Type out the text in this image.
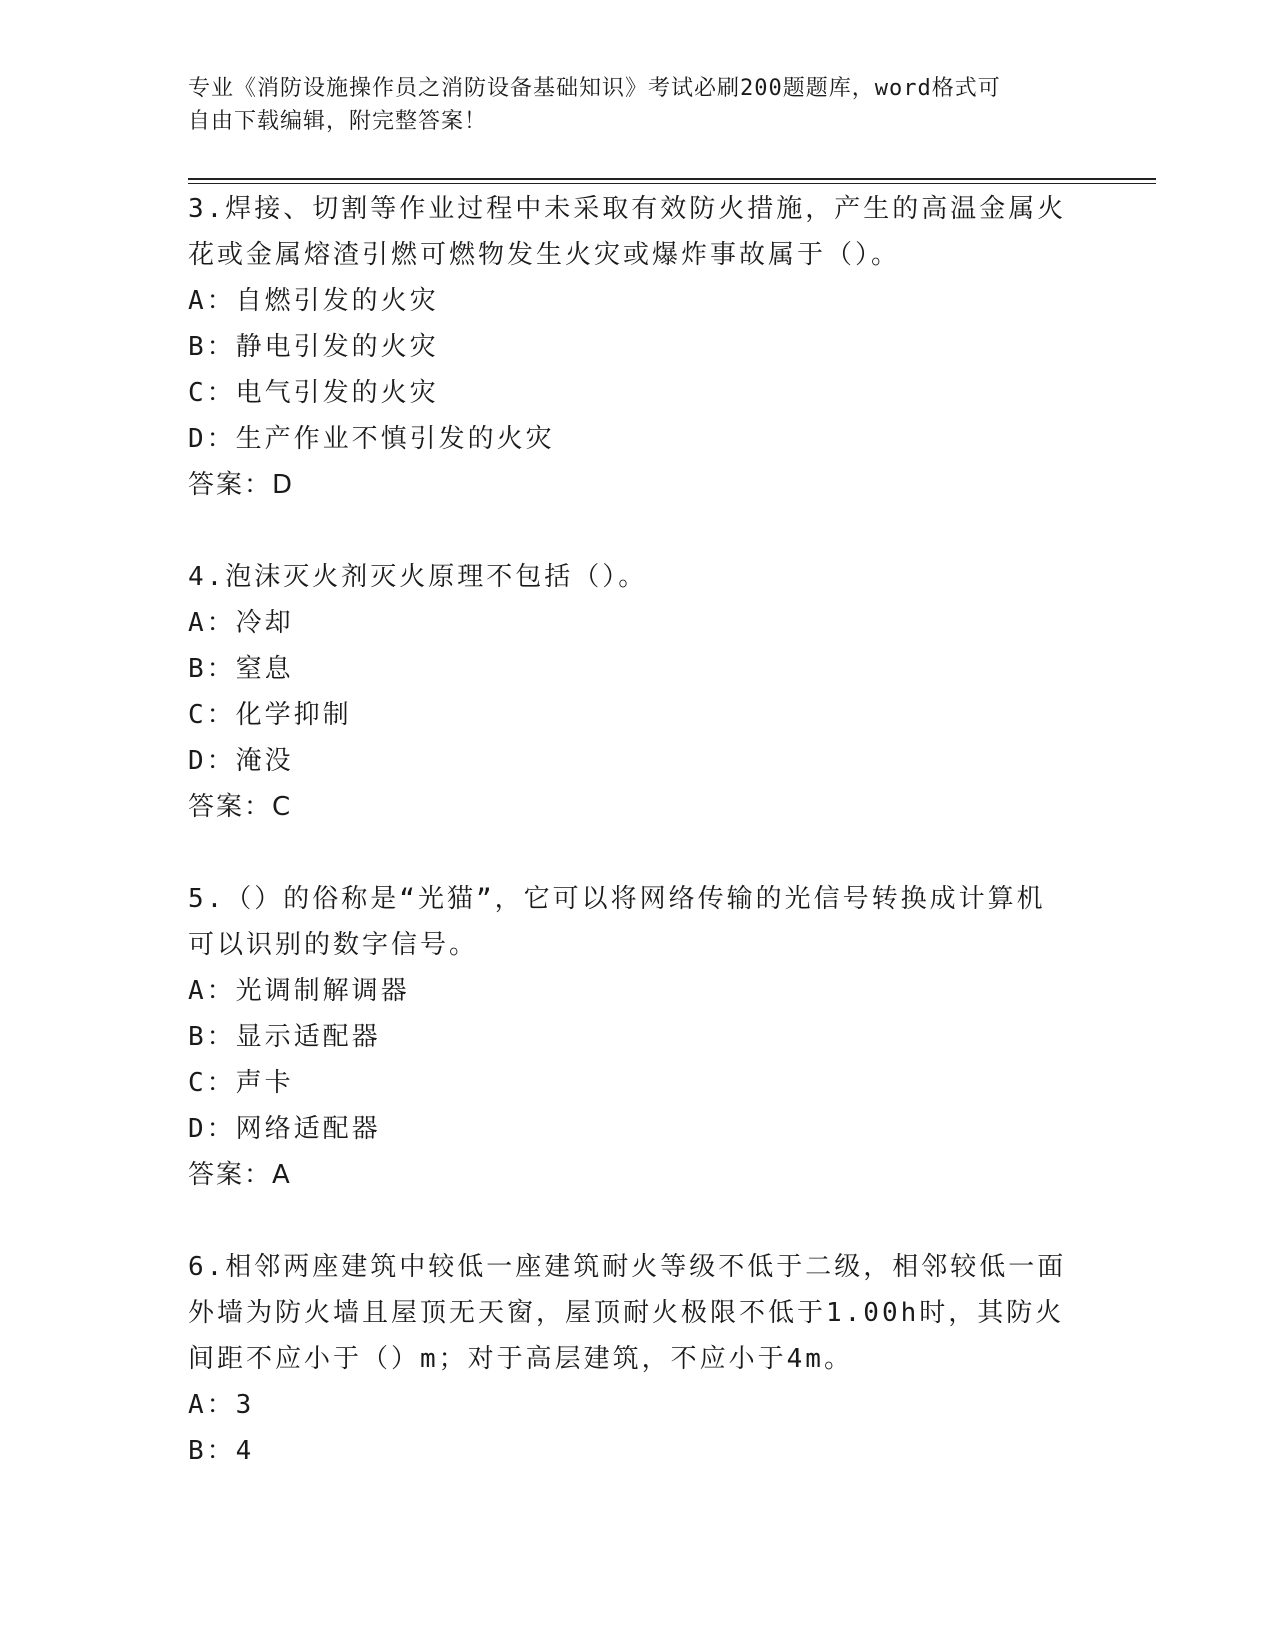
专业《消防设施操作员之消防设备基础知识》考试必刷200题题库，word格式可
自由下载编辑，附完整答案！
3.焊接、切割等作业过程中未采取有效防火措施，产生的高温金属火
花或金属熔渣引燃可燃物发生火灾或爆炸事故属于（）。
A：自燃引发的火灾
B：静电引发的火灾
C：电气引发的火灾
D：生产作业不慎引发的火灾
答案：D
4.泡沫灭火剂灭火原理不包括（）。
A：冷却
B：窒息
C：化学抑制
D：淹没
答案：C
5.（）的俗称是“光猫”，它可以将网络传输的光信号转换成计算机
可以识别的数字信号。
A：光调制解调器
B：显示适配器
C：声卡
D：网络适配器
答案：A
6.相邻两座建筑中较低一座建筑耐火等级不低于二级，相邻较低一面
外墙为防火墙且屋顶无天窗，屋顶耐火极限不低于1.00h时，其防火
间距不应小于（）m；对于高层建筑，不应小于4m。
A：3
B：4
